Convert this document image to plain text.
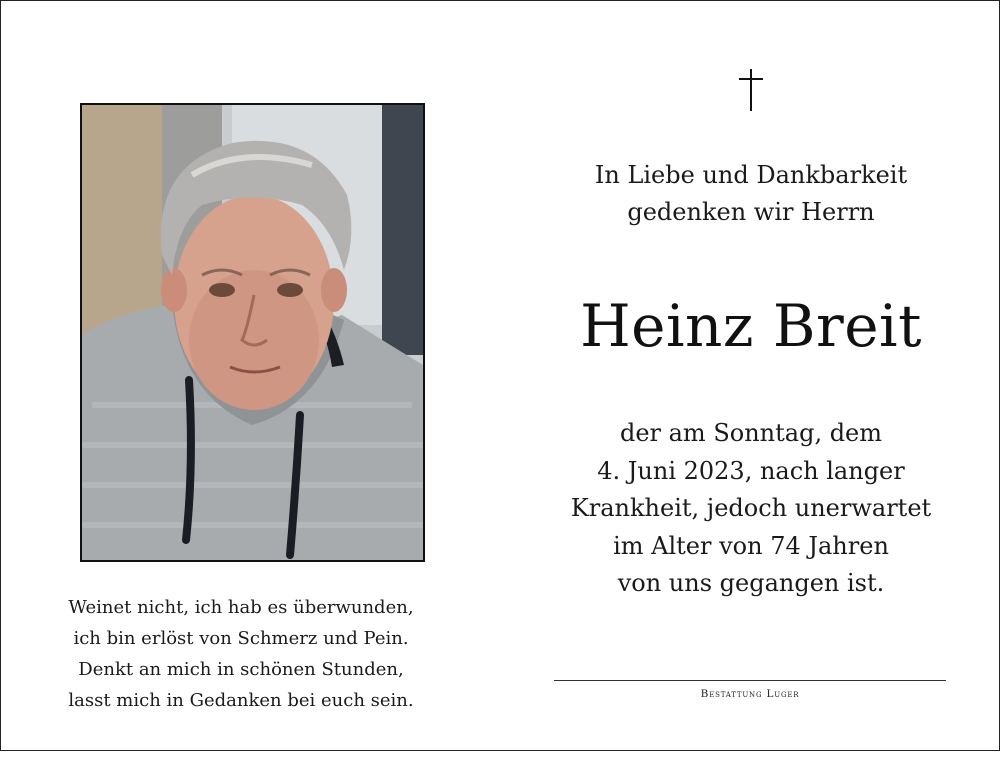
Weinet nicht, ich hab es überwunden,
ich bin erlöst von Schmerz und Pein.
Denkt an mich in schönen Stunden,
lasst mich in Gedanken bei euch sein.
In Liebe und Dankbarkeit
gedenken wir Herrn
Heinz Breit
der am Sonntag, dem
4. Juni 2023, nach langer
Krankheit, jedoch unerwartet
im Alter von 74 Jahren
von uns gegangen ist.
Bestattung Luger
